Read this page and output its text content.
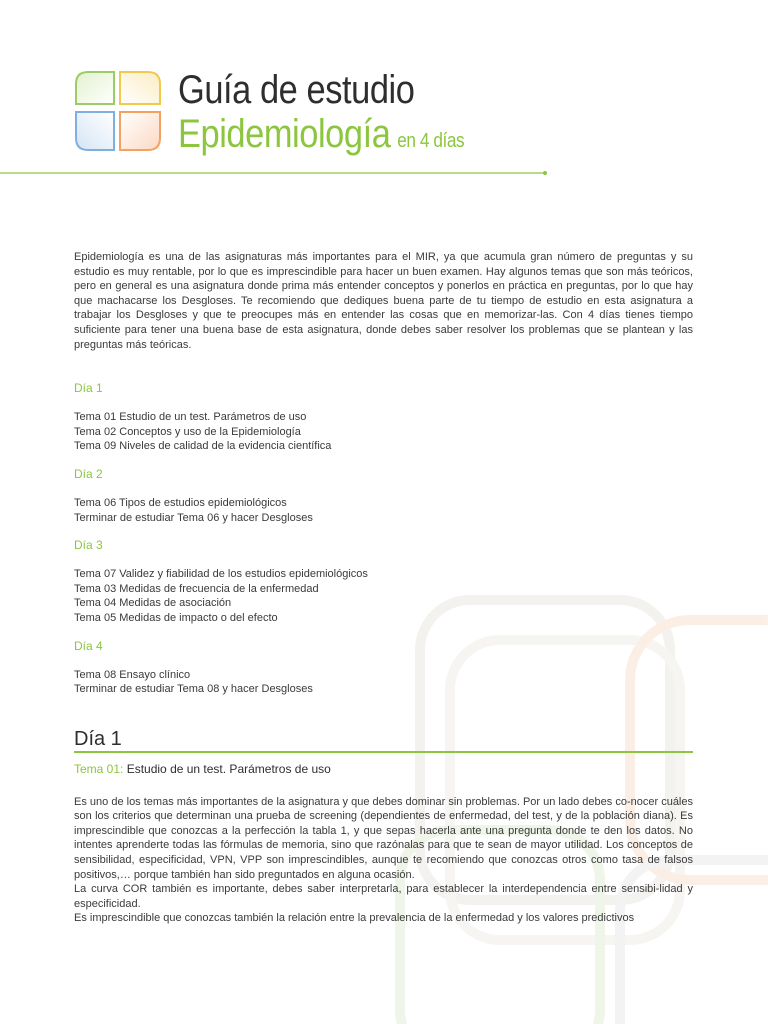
Guía de estudio
Epidemiología en 4 días

Epidemiología es una de las asignaturas más importantes para el MIR, ya que acumula gran número de preguntas y su estudio es muy rentable, por lo que es imprescindible para hacer un buen examen. Hay algunos temas que son más teóricos, pero en general es una asignatura donde prima más entender conceptos y ponerlos en práctica en preguntas, por lo que hay que machacarse los Desgloses. Te recomiendo que dediques buena parte de tu tiempo de estudio en esta asignatura a trabajar los Desgloses y que te preocupes más en entender las cosas que en memorizar-las. Con 4 días tienes tiempo suficiente para tener una buena base de esta asignatura, donde debes saber resolver los problemas que se plantean y las preguntas más teóricas.

Día 1

Tema 01 Estudio de un test. Parámetros de uso

Tema 02 Conceptos y uso de la Epidemiología

Tema 09 Niveles de calidad de la evidencia científica

Día 2

Tema 06 Tipos de estudios epidemiológicos

Terminar de estudiar Tema 06 y hacer Desgloses

Día 3

Tema 07 Validez y fiabilidad de los estudios epidemiológicos

Tema 03 Medidas de frecuencia de la enfermedad

Tema 04 Medidas de asociación

Tema 05 Medidas de impacto o del efecto

Día 4

Tema 08 Ensayo clínico

Terminar de estudiar Tema 08 y hacer Desgloses

Día 1

Tema 01: Estudio de un test. Parámetros de uso

Es uno de los temas más importantes de la asignatura y que debes dominar sin problemas. Por un lado debes co-nocer cuáles son los criterios que determinan una prueba de screening (dependientes de enfermedad, del test, y de la población diana). Es imprescindible que conozcas a la perfección la tabla 1, y que sepas hacerla ante una pregunta donde te den los datos. No intentes aprenderte todas las fórmulas de memoria, sino que razónalas para que te sean de mayor utilidad. Los conceptos de sensibilidad, especificidad, VPN, VPP son imprescindibles, aunque te recomiendo que conozcas otros como tasa de falsos positivos,… porque también han sido preguntados en alguna ocasión.

La curva COR también es importante, debes saber interpretarla, para establecer la interdependencia entre sensibi-lidad y especificidad.

Es imprescindible que conozcas también la relación entre la prevalencia de la enfermedad y los valores predictivos
